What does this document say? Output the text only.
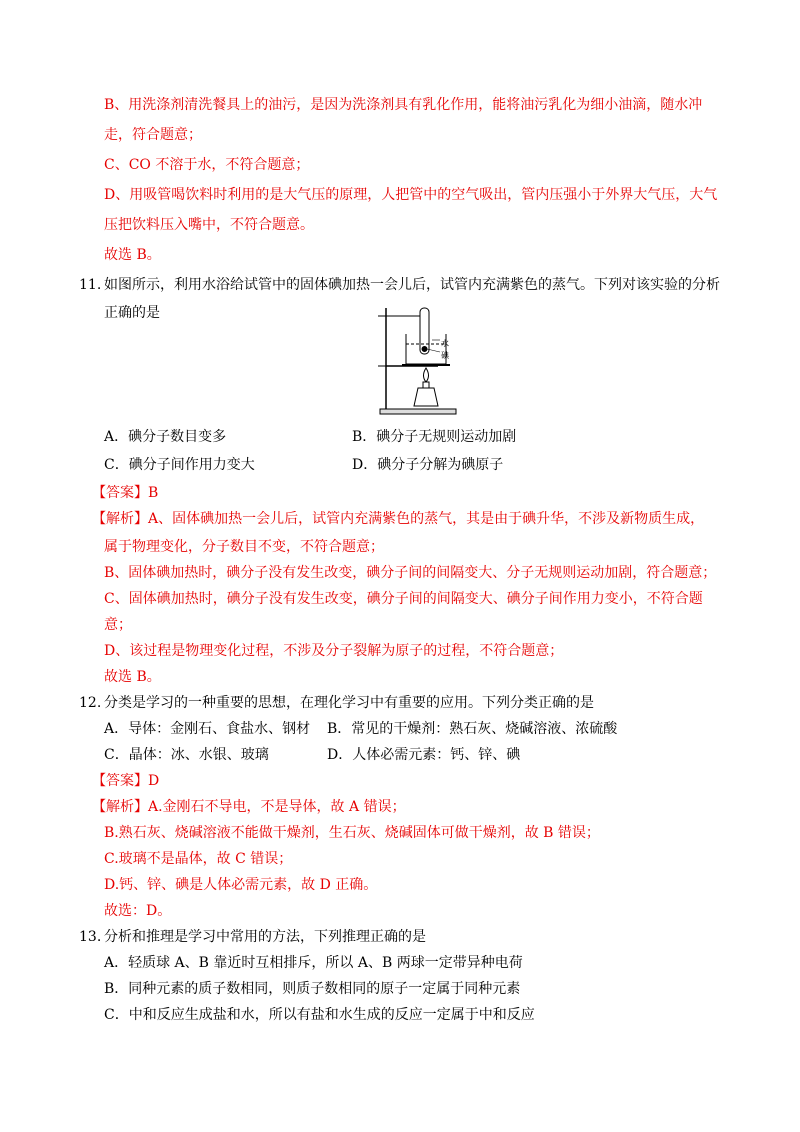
B、用洗涤剂清洗餐具上的油污，是因为洗涤剂具有乳化作用，能将油污乳化为细小油滴，随水冲
走，符合题意；
C、CO 不溶于水，不符合题意；
D、用吸管喝饮料时利用的是大气压的原理，人把管中的空气吸出，管内压强小于外界大气压，大气
压把饮料压入嘴中，不符合题意。
故选 B。
11. 如图所示，利用水浴给试管中的固体碘加热一会儿后，试管内充满紫色的蒸气。下列对该实验的分析
正确的是
水
碘
A．碘分子数目变多	B．碘分子无规则运动加剧
C．碘分子间作用力变大	D．碘分子分解为碘原子
【答案】B
【解析】A、固体碘加热一会儿后，试管内充满紫色的蒸气，其是由于碘升华，不涉及新物质生成，
属于物理变化，分子数目不变，不符合题意；
B、固体碘加热时，碘分子没有发生改变，碘分子间的间隔变大、分子无规则运动加剧，符合题意；
C、固体碘加热时，碘分子没有发生改变，碘分子间的间隔变大、碘分子间作用力变小，不符合题
意；
D、该过程是物理变化过程，不涉及分子裂解为原子的过程，不符合题意；
故选 B。
12. 分类是学习的一种重要的思想，在理化学习中有重要的应用。下列分类正确的是
A．导体：金刚石、食盐水、钢材 B．常见的干燥剂：熟石灰、烧碱溶液、浓硫酸
C．晶体：冰、水银、玻璃	D．人体必需元素：钙、锌、碘
【答案】D
【解析】A.金刚石不导电，不是导体，故 A 错误；
B.熟石灰、烧碱溶液不能做干燥剂，生石灰、烧碱固体可做干燥剂，故 B 错误；
C.玻璃不是晶体，故 C 错误；
D.钙、锌、碘是人体必需元素，故 D 正确。
故选：D。
13. 分析和推理是学习中常用的方法，下列推理正确的是
A．轻质球 A、B 靠近时互相排斥，所以 A、B 两球一定带异种电荷
B．同种元素的质子数相同，则质子数相同的原子一定属于同种元素
C．中和反应生成盐和水，所以有盐和水生成的反应一定属于中和反应
